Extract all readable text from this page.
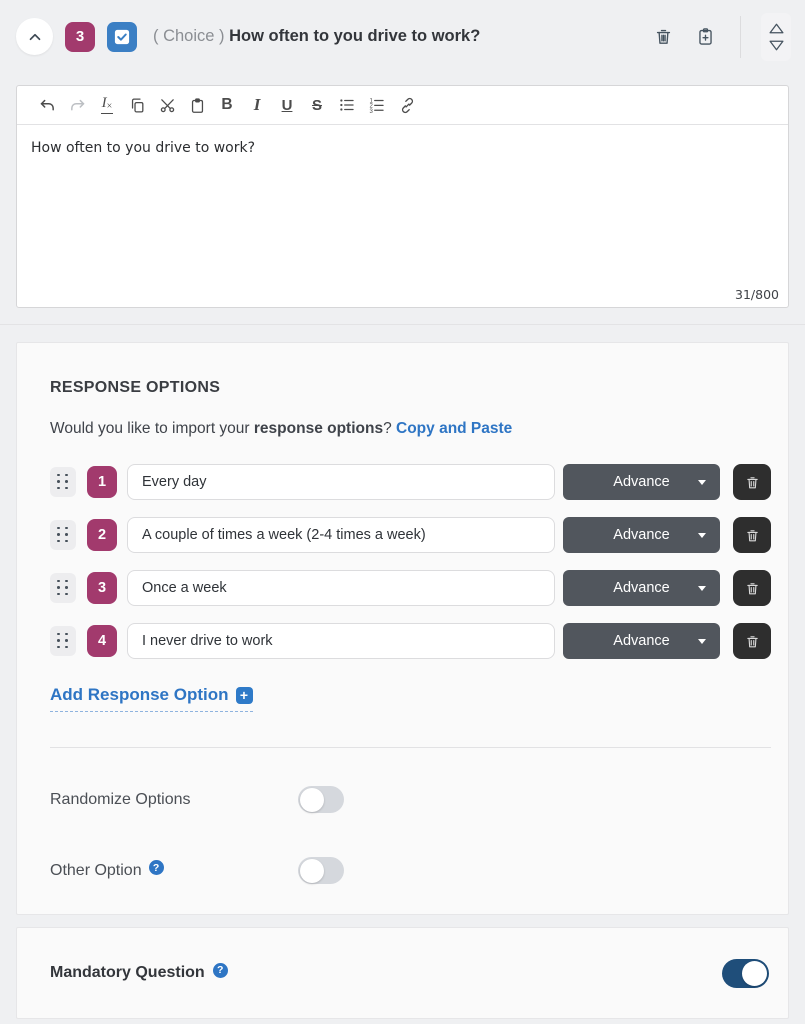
3	( Choice ) How often to you drive to work?
I×	B	I	U	S	1
2
3
How often to you drive to work?
31/800
RESPONSE OPTIONS
Would you like to import your response options? Copy and Paste
1
Every day	Advance
2
A couple of times a week (2-4 times a week)	Advance
3
Once a week	Advance
4
I never drive to work	Advance
Add Response Option +
Randomize Options
Other Option	?
Mandatory Question	?
